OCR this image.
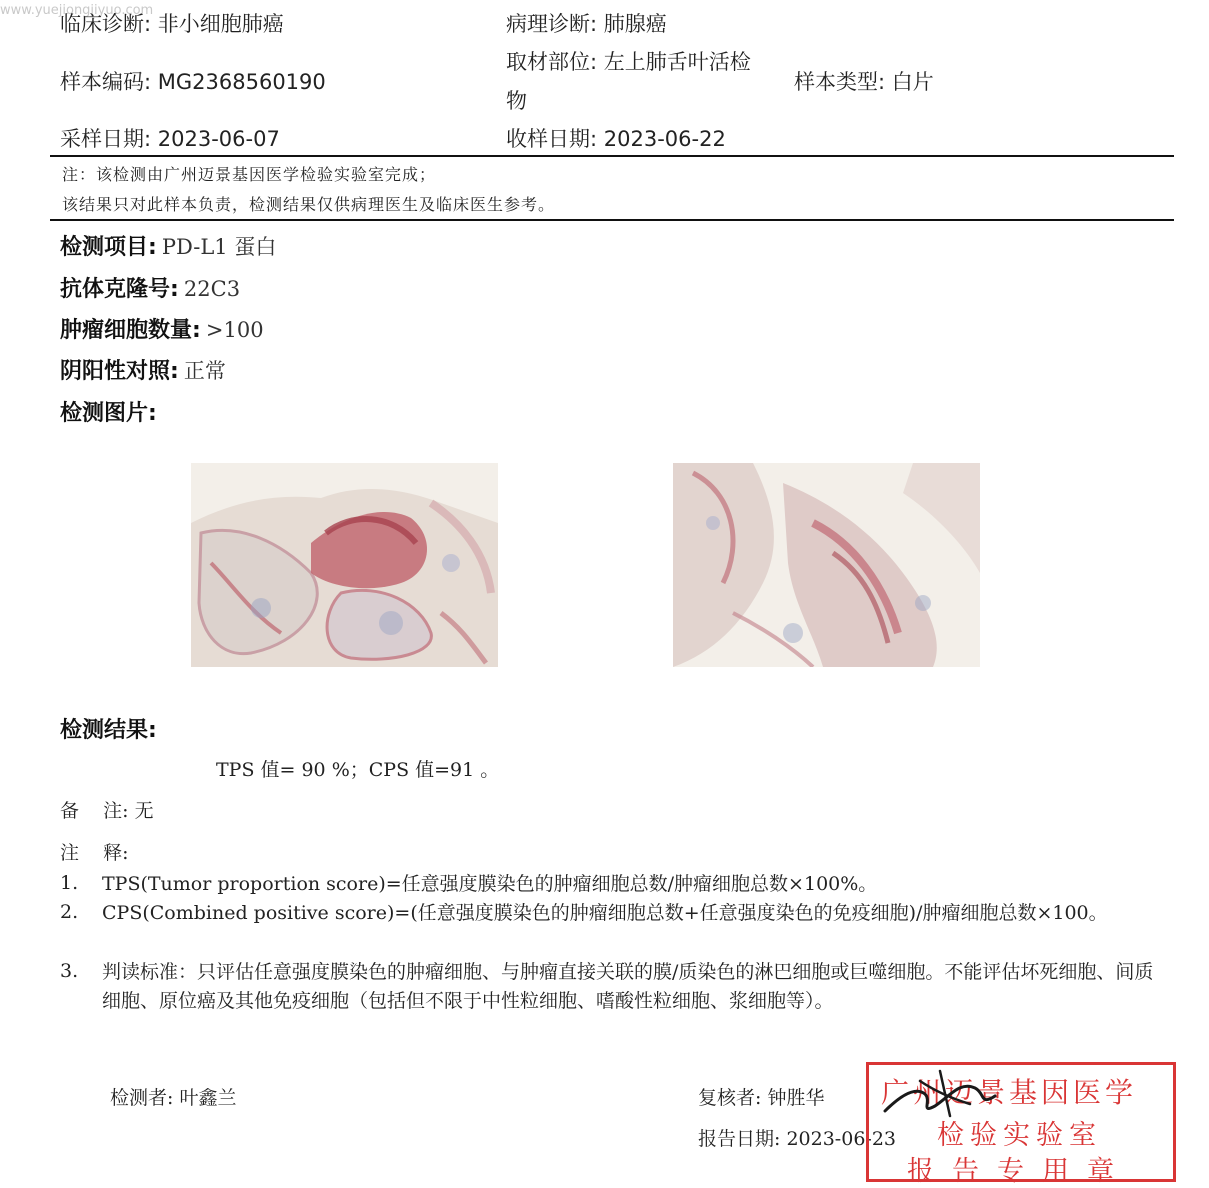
www.yuejiongjiyuo.com
临床诊断: 非小细胞肺癌	病理诊断: 肺腺癌
样本编码: MG2368560190
取材部位: 左上肺舌叶活检
物
样本类型: 白片
采样日期: 2023-06-07	收样日期: 2023-06-22
注：该检测由广州迈景基因医学检验实验室完成；
该结果只对此样本负责，检测结果仅供病理医生及临床医生参考。
检测项目: PD-L1 蛋白
抗体克隆号: 22C3
肿瘤细胞数量: >100
阴阳性对照: 正常
检测图片:
检测结果:
TPS 值= 90 %；CPS 值=91 。
备    注: 无
注    释:
1. TPS(Tumor proportion score)=任意强度膜染色的肿瘤细胞总数/肿瘤细胞总数×100%。
2. CPS(Combined positive score)=(任意强度膜染色的肿瘤细胞总数+任意强度染色的免疫细胞)/肿瘤细胞总数×100。
3. 判读标准：只评估任意强度膜染色的肿瘤细胞、与肿瘤直接关联的膜/质染色的淋巴细胞或巨噬细胞。不能评估坏死细胞、间质细胞、原位癌及其他免疫细胞（包括但不限于中性粒细胞、嗜酸性粒细胞、浆细胞等）。
检测者: 叶鑫兰	复核者: 钟胜华
报告日期: 2023-06-23
广州迈景基因医学
检验实验室
报告专用章
